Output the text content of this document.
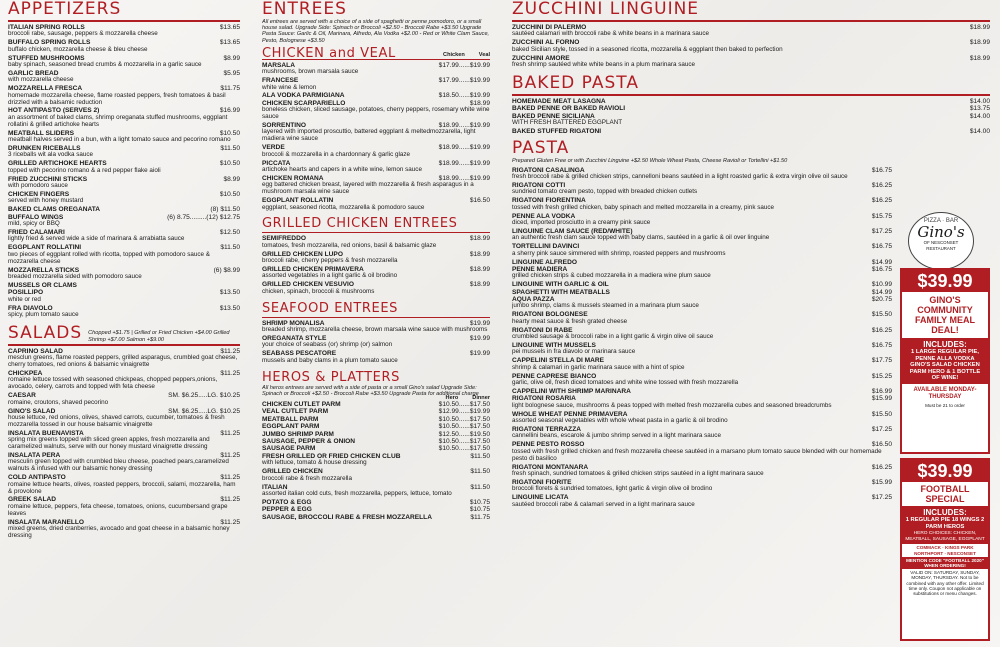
APPETIZERS
ITALIAN SPRING ROLLS	$13.65
broccoli rabe, sausage, peppers & mozzarella cheese
BUFFALO SPRING ROLLS	$13.65
buffalo chicken, mozzarella cheese & bleu cheese
STUFFED MUSHROOMS	$8.99
baby spinach, seasoned bread crumbs & mozzarella in a garlic sauce
GARLIC BREAD	$5.95
with mozzarella cheese
MOZZARELLA FRESCA	$11.75
homemade mozzarella cheese, flame roasted peppers, fresh tomatoes & basil drizzled with a balsamic reduction
HOT ANTIPASTO (SERVES 2)	$16.99
an assortment of baked clams, shrimp oreganata stuffed mushrooms, eggplant rollatini & grilled artichoke hearts
MEATBALL SLIDERS	$10.50
meatball halves served in a bun, with a light tomato sauce and pecorino romano
DRUNKEN RICEBALLS	$11.50
3 riceballs wit ala vodka sauce
GRILLED ARTICHOKE HEARTS	$10.50
topped with pecorino romano & a red pepper flake aioli
FRIED ZUCCHINI STICKS	$8.99
with pomodoro sauce
CHICKEN FINGERS	$10.50
served with honey mustard
BAKED CLAMS OREGANATA	(8) $11.50
BUFFALO WINGS	(6) 8.75.........(12) $12.75
mild, spicy or BBQ
FRIED CALAMARI	$12.50
lightly fried & served wide a side of marinara & arrabiatta sauce
EGGPLANT ROLLATINI	$11.50
two pieces of eggplant rolled with ricotta, topped with pomodoro sauce & mozzarella cheese
MOZZARELLA STICKS	(6) $8.99
breaded mozzarella sided with pomodoro sauce
MUSSELS OR CLAMS
POSILLIPO	$13.50
white or red
FRA DIAVOLO	$13.50
spicy, plum tomato sauce
SALADS Chopped +$1.75 | Grilled or Fried Chicken +$4.00 Grilled Shrimp +$7.00 Salmon +$9.00
CAPRINO SALAD	$11.25
mesclun greens, flame roasted peppers, grilled asparagus, crumbled goat cheese, cherry tomatoes, red onions & balsamic vinaigrette
CHICKPEA	$11.25
romaine lettuce tossed with seasoned chickpeas, chopped peppers,onions, avocado, celery, carrots and topped with feta cheese
CAESAR	SM. $6.25.....LG. $10.25
romaine, croutons, shaved pecorino
GINO'S SALAD	SM. $6.25.....LG. $10.25
house lettuce, red onions, olives, shaved carrots, cucumber, tomatoes & fresh mozzarella tossed in our house balsamic vinaigrette
INSALATA BUENAVISTA	$11.25
spring mix greens topped with sliced green apples, fresh mozzarella and caramelized walnuts, serve with our honey mustard vinaigrette dressing
INSALATA PERA	$11.25
mesculin green topped with crumbled bleu cheese, poached pears,caramelized walnuts & infused with our balsamic honey dressing
COLD ANTIPASTO	$11.25
romaine lettuce hearts, olives, roasted peppers, broccoli, salami, mozzarella, ham & provolone
GREEK SALAD	$11.25
romaine lettuce, peppers, feta cheese, tomatoes, onions, cucumbersand grape leaves
INSALATA MARANELLO	$11.25
mixed greens, dried cranberries, avocado and goat cheese in a balsamic honey dressing
ENTREES
All entrees are served with a choice of a side of spaghetti or penne pomodoro, or a small house salad. Upgrade Side: Spinach or Broccoli +$2.50 - Broccoli Rabe +$3.50 Upgrade Pasta Sauce: Garlic & Oil, Marinara, Alfredo, Ala Vodka +$2.00 - Red or White Clam Sauce, Pesto, Bolognese +$3.50
CHICKEN and VEAL	Chicken	Veal
MARSALA	$17.99......$19.99
mushrooms, brown marsala sauce
FRANCESE	$17.99......$19.99
white wine & lemon
ALA VODKA PARMIGIANA	$18.50......$19.99
CHICKEN SCARPARIELLO	$18.99
boneless chicken, sliced sausage, potatoes, cherry peppers, rosemary white wine sauce
SORRENTINO	$18.99......$19.99
layered with imported proscuttio, battered eggplant & meltedmozzarella, light madiera wine sauce
VERDE	$18.99......$19.99
broccoli & mozzarella in a chardonnary & garlic glaze
PICCATA	$18.99......$19.99
artichoke hearts and capers in a white wine, lemon sauce
CHICKEN ROMANA	$18.99......$19.99
egg battered chicken breast, layered with mozzarella & fresh asparagus in a mushroom marsala wine sauce
EGGPLANT ROLLATIN	$16.50
eggplant, seasoned ricotta, mozzarella & pomodoro sauce
GRILLED CHICKEN ENTREES
SEMIFREDDO	$18.99
tomatoes, fresh mozzarella, red onions, basil & balsamic glaze
GRILLED CHICKEN LUPO	$18.99
broccoli rabe, cherry peppers & fresh mozzarella
GRILLED CHICKEN PRIMAVERA	$18.99
assorted vegetables in a light garlic & oil brodino
GRILLED CHICKEN VESUVIO	$18.99
chicken, spinach, broccoli & mushrooms
SEAFOOD ENTREES
SHRIMP MONALISA	$19.99
breaded shrimp, mozzarella cheese, brown marsala wine sauce with mushrooms
OREGANATA STYLE	$19.99
your choice of seabass (or) shrimp (or) salmon
SEABASS PESCATORE	$19.99
mussels and baby clams in a plum tomato sauce
HEROS & PLATTERS
All heros entrees are served with a side of pasta or a small Gino's salad Upgrade Side: Spinach or Broccoli +$2.50 - Broccoli Rabe +$3.50 Upgrade Pasta for additional charge
Hero	Dinner
CHICKEN CUTLET PARM	$10.50......$17.50
VEAL CUTLET PARM	$12.99......$19.99
MEATBALL PARM	$10.50......$17.50
EGGPLANT PARM	$10.50......$17.50
JUMBO SHRIMP PARM	$12.50......$19.50
SAUSAGE, PEPPER & ONION	$10.50......$17.50
SAUSAGE PARM	$10.50......$17.50
FRESH GRILLED OR FRIED CHICKEN CLUB	$11.50
with lettuce, tomato & house dressing
GRILLED CHICKEN	$11.50
broccoli rabe & fresh mozzarella
ITALIAN	$11.50
assorted italian cold cuts, fresh mozzarella, peppers, lettuce, tomato
POTATO & EGG	$10.75
PEPPER & EGG	$10.75
SAUSAGE, BROCCOLI RABE & FRESH MOZZARELLA	$11.75
ZUCCHINI LINGUINE
ZUCCHINI DI PALERMO	$18.99
sautéed calamari with broccoli rabe & white beans in a marinara sauce
ZUCCHINI AL FORNO	$18.99
baked Sicilian style, tossed in a seasoned ricotta, mozzarella & eggplant then baked to perfection
ZUCCHINI AMORE	$18.99
fresh shrimp sautéed white white beans in a plum marinara sauce
BAKED PASTA
HOMEMADE MEAT LASAGNA	$14.00
BAKED PENNE OR BAKED RAVIOLI	$13.75
BAKED PENNE SICILIANA	$14.00
WITH FRESH BATTERED EGGPLANT
BAKED STUFFED RIGATONI	$14.00
PASTA
Prepared Gluten Free or with Zucchini Linguine +$2.50 Whole Wheat Pasta, Cheese Ravioli or Tortellini +$1.50
RIGATONI CASALINGA	$16.75
fresh broccoli rabe & grilled chicken strips, cannelloni beans sautéed in a light roasted garlic & extra virgin olive oil sauce
RIGATONI COTTI	$16.25
sundried tomato cream pesto, topped with breaded chicken cutlets
RIGATONI FIORENTINA	$16.25
tossed with fresh grilled chicken, baby spinach and melted mozzarella in a creamy, pink sauce
PENNE ALA VODKA	$15.75
diced, imported prosciutto in a creamy pink sauce
LINGUINE CLAM SAUCE (RED/WHITE)	$17.25
an authentic fresh clam sauce topped with baby clams, sautéed in a garlic & oil over linguine
TORTELLINI DAVINCI	$16.75
a sherry pink sauce simmered with shrimp, roasted peppers and mushrooms
LINGUINE ALFREDO	$14.99
PENNE MADIERA	$16.75
grilled chicken strips & cubed mozzarella in a madiera wine plum sauce
LINGUINE WITH GARLIC & OIL	$10.99
SPAGHETTI WITH MEATBALLS	$14.99
AQUA PAZZA	$20.75
jumbo shrimp, clams & mussels steamed in a marinara plum sauce
RIGATONI BOLOGNESE	$15.50
hearty meat sauce & fresh grated cheese
RIGATONI DI RABE	$16.25
crumbled sausage & broccoli rabe in a light garlic & virgin olive oil sauce
LINGUINE WITH MUSSELS	$16.75
pei mussels in fra diavolo or marinara sauce
CAPPELINI STELLA DI MARE	$17.75
shrimp & calamari in garlic marinara sauce with a hint of spice
PENNE CAPRESE BIANCO	$15.25
garlic, olive oil, fresh diced tomatoes and white wine tossed with fresh mozzarella
CAPPELINI WITH SHRIMP MARINARA	$16.99
RIGATONI ROSARIA	$15.99
light bolognese sauce, mushrooms & peas topped with melted fresh mozzarella cubes and seasoned breadcrumbs
WHOLE WHEAT PENNE PRIMAVERA	$15.50
assorted seasonal vegetables with whole wheat pasta in a garlic & oil brodino
RIGATONI TERRAZZA	$17.25
cannellini beans, escarole & jumbo shrimp served in a light marinara sauce
PENNE PESTO ROSSO	$16.50
tossed with fresh grilled chicken and fresh mozzarella cheese sautéed in a marsano plum tomato sauce blended with our homemade pesto di basilico
RIGATONI MONTANARA	$16.25
fresh spinach, sundried tomatoes & grilled chicken strips sautéed in a light marinara sauce
RIGATONI FIORITE	$15.99
broccoli florets & sundried tomatoes, light garlic & virgin olive oil brodino
LINGUINE LICATA	$17.25
sautéed broccoli rabe & calamari served in a light marinara sauce
PIZZA · BAR
Gino's
OF NESCONSET
RESTAURANT
$39.99
GINO'S COMMUNITY FAMILY MEAL DEAL!
INCLUDES:
1 LARGE REGULAR PIE, PENNE ALLA VODKA GINO'S SALAD CHICKEN PARM HERO & 1 BOTTLE OF WINE!
AVAILABLE MONDAY-THURSDAY
Must be 21 to order
$39.99
FOOTBALL SPECIAL
INCLUDES:
1 REGULAR PIE 18 WINGS 2 PARM HEROS
HERO CHOICES: CHICKEN, MEATBALL, SAUSAGE, EGGPLANT
COMMACK · KINGS PARK NORTHPORT · NESCONSET
MENTION CODE "FOOTBALL 2020" WHEN ORDERING!
VALID ON: SATURDAY, SUNDAY, MONDAY, THURSDAY. Not to be combined with any other offer. Limited time only. Coupon not applicable on substitutions or menu changes.
